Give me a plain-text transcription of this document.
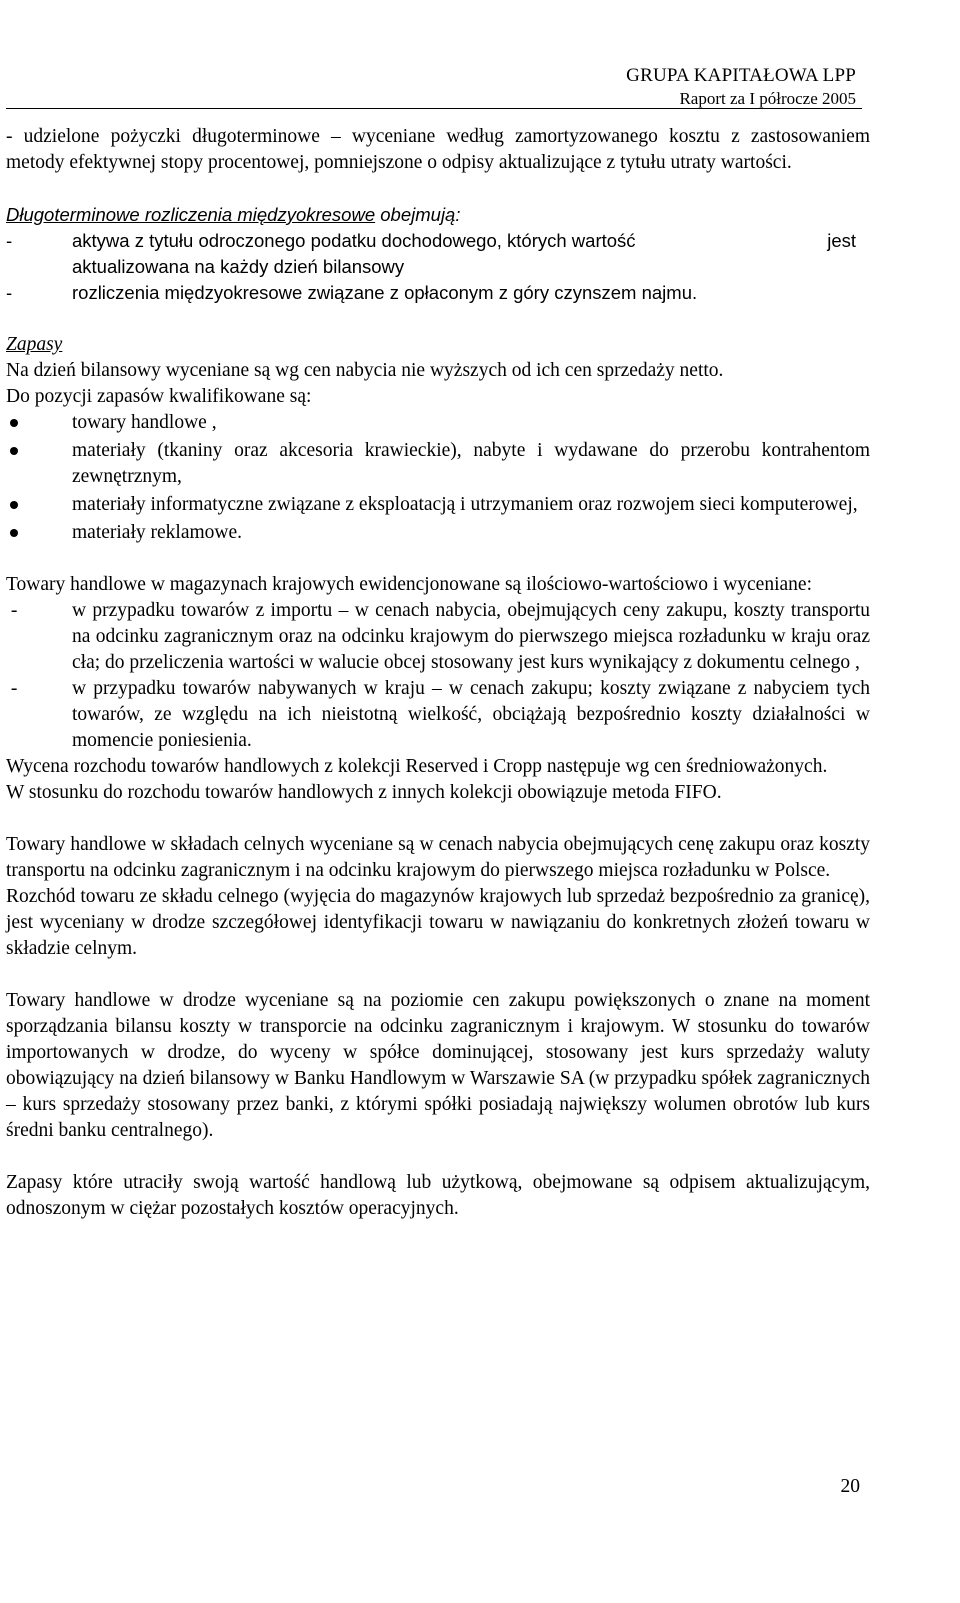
GRUPA KAPITAŁOWA LPP
Raport za I półrocze 2005

- udzielone pożyczki długoterminowe – wyceniane według zamortyzowanego kosztu z zastosowaniem metody efektywnej stopy procentowej, pomniejszone o odpisy aktualizujące z tytułu utraty wartości.

Długoterminowe rozliczenia międzyokresowe obejmują:

-	aktywa z tytułu odroczonego podatku dochodowego, których wartość	jest
aktualizowana na każdy dzień bilansowy
-	rozliczenia międzyokresowe związane z opłaconym z góry czynszem najmu.

Zapasy

Na dzień bilansowy wyceniane są wg cen nabycia nie wyższych od ich cen sprzedaży netto.

Do pozycji zapasów kwalifikowane są:

towary handlowe ,
materiały (tkaniny oraz akcesoria krawieckie), nabyte i wydawane do przerobu kontrahentom zewnętrznym,
materiały informatyczne związane z eksploatacją i utrzymaniem oraz rozwojem sieci komputerowej,
materiały reklamowe.

Towary handlowe w magazynach krajowych ewidencjonowane są ilościowo-wartościowo i wyceniane:

-	w przypadku towarów z importu – w cenach nabycia, obejmujących ceny zakupu, koszty transportu na odcinku zagranicznym oraz na odcinku krajowym do pierwszego miejsca rozładunku w kraju oraz cła; do przeliczenia wartości w walucie obcej stosowany jest kurs wynikający z dokumentu celnego ,
-	w przypadku towarów nabywanych w kraju – w cenach zakupu; koszty związane z nabyciem tych towarów, ze względu na ich nieistotną wielkość, obciążają bezpośrednio koszty działalności w momencie poniesienia.

Wycena rozchodu towarów handlowych z kolekcji Reserved i Cropp następuje wg cen średnioważonych.

W stosunku do rozchodu towarów handlowych z innych kolekcji obowiązuje metoda FIFO.

Towary handlowe w składach celnych wyceniane są w cenach nabycia obejmujących cenę zakupu oraz koszty transportu na odcinku zagranicznym i na odcinku krajowym do pierwszego miejsca rozładunku w Polsce.

Rozchód towaru ze składu celnego (wyjęcia do magazynów krajowych lub sprzedaż bezpośrednio za granicę), jest wyceniany w drodze szczegółowej identyfikacji towaru w nawiązaniu do konkretnych złożeń towaru w składzie celnym.

Towary handlowe w drodze wyceniane są na poziomie cen zakupu powiększonych o znane na moment sporządzania bilansu koszty w transporcie na odcinku zagranicznym i krajowym. W stosunku do towarów importowanych w drodze, do wyceny w spółce dominującej, stosowany jest kurs sprzedaży waluty obowiązujący na dzień bilansowy w Banku Handlowym w Warszawie SA (w przypadku spółek zagranicznych – kurs sprzedaży stosowany przez banki, z którymi spółki posiadają największy wolumen obrotów lub kurs średni banku centralnego).

Zapasy które utraciły swoją wartość handlową lub użytkową, obejmowane są odpisem aktualizującym, odnoszonym w ciężar pozostałych kosztów operacyjnych.

20
